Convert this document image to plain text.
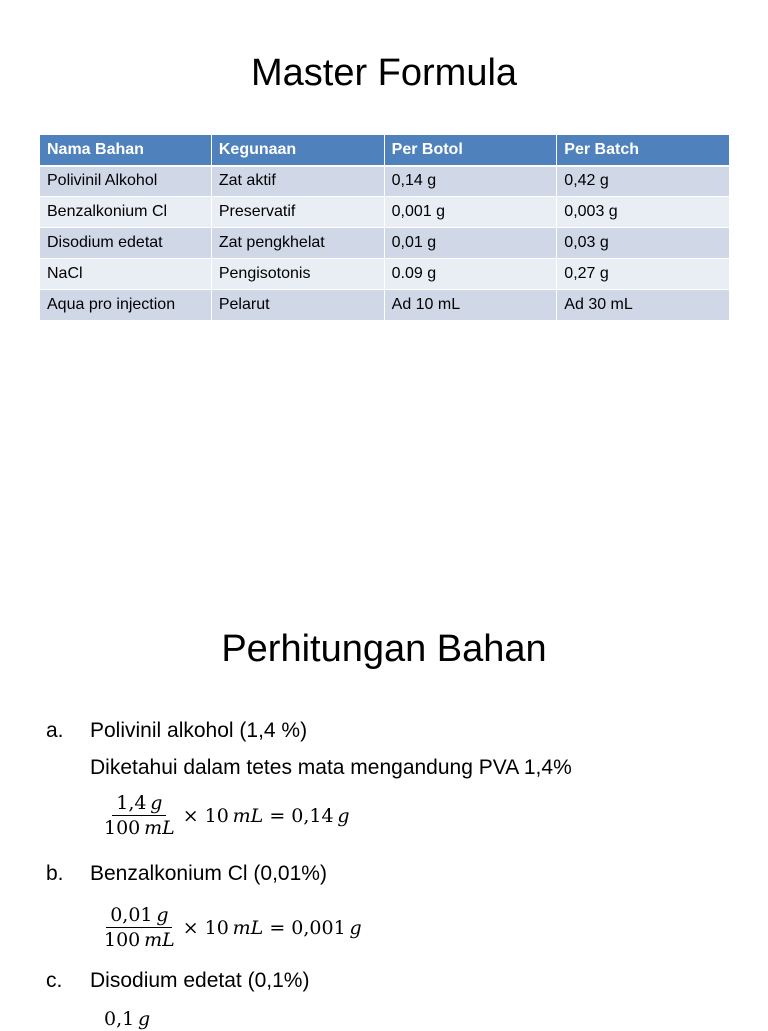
Master Formula
Nama Bahan	Kegunaan	Per Botol	Per Batch
Polivinil Alkohol	Zat aktif	0,14 g	0,42 g
Benzalkonium Cl	Preservatif	0,001 g	0,003 g
Disodium edetat	Zat pengkhelat	0,01 g	0,03 g
NaCl	Pengisotonis	0.09 g	0,27 g
Aqua pro injection	Pelarut	Ad 10 mL	Ad 30 mL
Perhitungan Bahan
a.	Polivinil alkohol (1,4 %)
Diketahui dalam tetes mata mengandung PVA 1,4%
$\frac{1,4 g}{100 mL} \times 10$  mL = 0,14  g
b.	Benzalkonium Cl (0,01%)
$\frac{0,01 g}{100 mL} \times 10$  mL = 0,001  g
c.	Disodium edetat (0,1%)
0,1  g
